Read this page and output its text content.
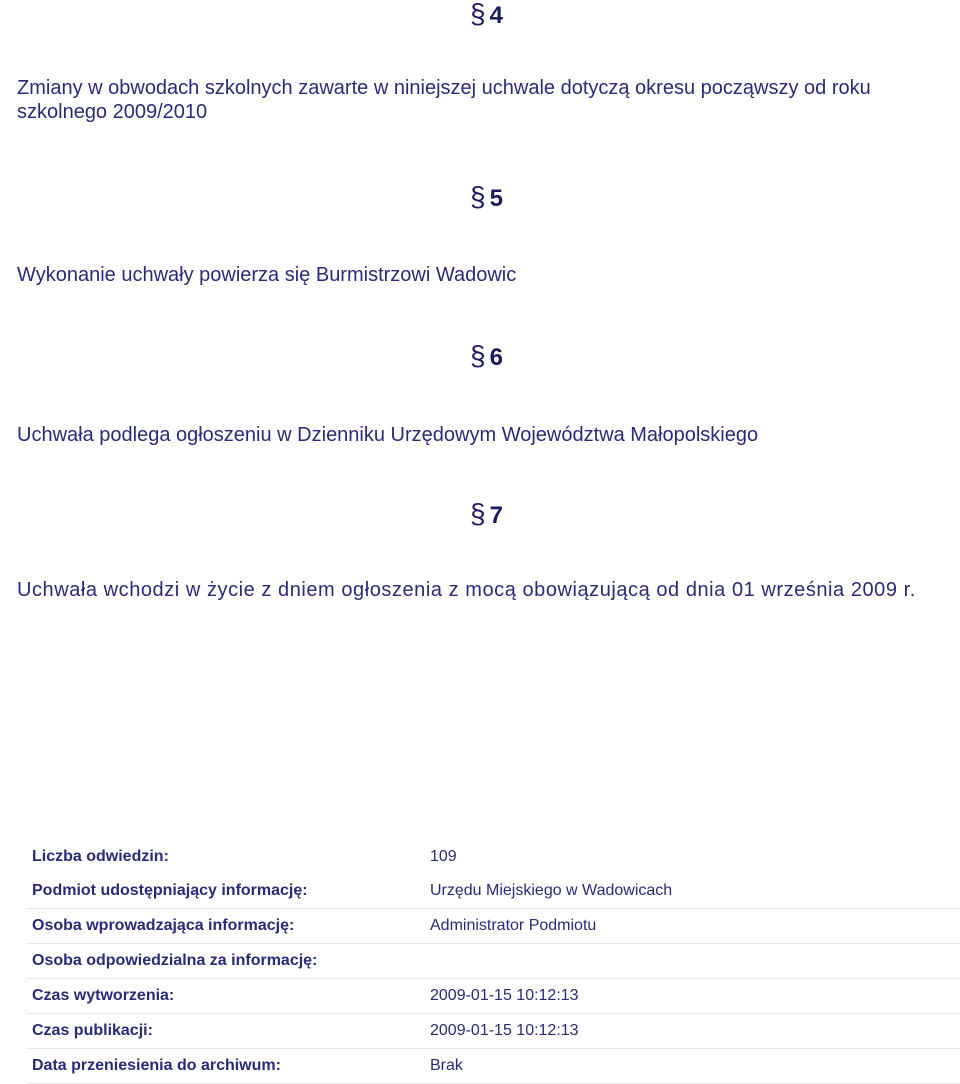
§ 4
Zmiany w obwodach szkolnych zawarte w niniejszej uchwale dotyczą okresu począwszy od roku szkolnego 2009/2010
§ 5
Wykonanie uchwały powierza się Burmistrzowi Wadowic
§ 6
Uchwała podlega ogłoszeniu w Dzienniku Urzędowym Województwa Małopolskiego
§ 7
Uchwała wchodzi w życie z dniem ogłoszenia z mocą obowiązującą od dnia 01 września 2009 r.
Liczba odwiedzin:	109
Podmiot udostępniający informację:	Urzędu Miejskiego w Wadowicach
Osoba wprowadzająca informację:	Administrator Podmiotu
Osoba odpowiedzialna za informację:
Czas wytworzenia:	2009-01-15 10:12:13
Czas publikacji:	2009-01-15 10:12:13
Data przeniesienia do archiwum:	Brak
